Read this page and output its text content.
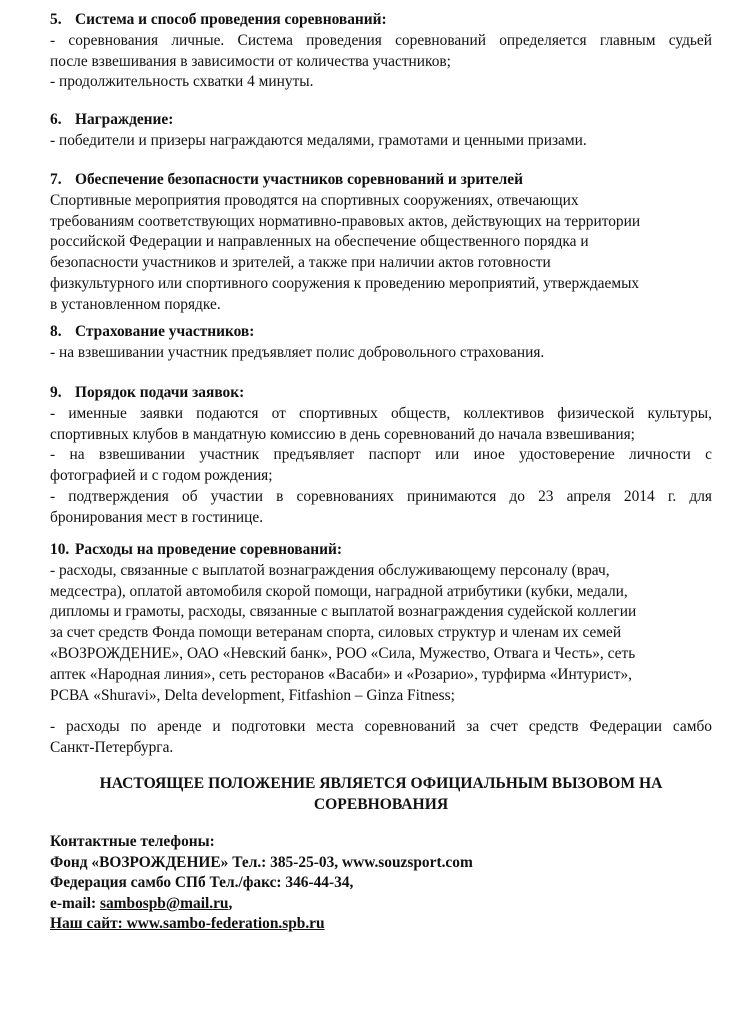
5. Система и способ проведения соревнований:
- соревнования личные. Система проведения соревнований определяется главным судьей
после взвешивания в зависимости от количества участников;
- продолжительность схватки 4 минуты.
6. Награждение:
- победители и призеры награждаются медалями, грамотами и ценными призами.
7. Обеспечение безопасности участников соревнований и зрителей
Спортивные мероприятия проводятся на спортивных сооружениях, отвечающих
требованиям соответствующих нормативно-правовых актов, действующих на территории
российской Федерации и направленных на обеспечение общественного порядка и
безопасности участников и зрителей, а также при наличии актов готовности
физкультурного или спортивного сооружения к проведению мероприятий, утверждаемых
в установленном порядке.
8. Страхование участников:
- на взвешивании участник предъявляет полис добровольного страхования.
9. Порядок подачи заявок:
- именные заявки подаются от спортивных обществ, коллективов физической культуры,
спортивных клубов в мандатную комиссию в день соревнований до начала взвешивания;
- на взвешивании участник предъявляет паспорт или иное удостоверение личности с
фотографией и с годом рождения;
- подтверждения об участии в соревнованиях принимаются до 23 апреля 2014 г. для
бронирования мест в гостинице.
10. Расходы на проведение соревнований:
- расходы, связанные с выплатой вознаграждения обслуживающему персоналу (врач,
медсестра), оплатой автомобиля скорой помощи, наградной атрибутики (кубки, медали,
дипломы и грамоты, расходы, связанные с выплатой вознаграждения судейской коллегии
за счет средств Фонда помощи ветеранам спорта, силовых структур и членам их семей
«ВОЗРОЖДЕНИЕ», ОАО «Невский банк», РОО «Сила, Мужество, Отвага и Честь», сеть
аптек «Народная линия», сеть ресторанов «Васаби» и «Розарио», турфирма «Интурист»,
РСВА «Shuravi», Delta development, Fitfashion – Ginza Fitness;
- расходы по аренде и подготовки места соревнований за счет средств Федерации самбо
Санкт-Петербурга.
НАСТОЯЩЕЕ ПОЛОЖЕНИЕ ЯВЛЯЕТСЯ ОФИЦИАЛЬНЫМ ВЫЗОВОМ НА
СОРЕВНОВАНИЯ
Контактные телефоны:
Фонд «ВОЗРОЖДЕНИЕ» Тел.: 385-25-03, www.souzsport.com
Федерация самбо СПб Тел./факс: 346-44-34,
e-mail: sambospb@mail.ru,
Наш сайт: www.sambo-federation.spb.ru
